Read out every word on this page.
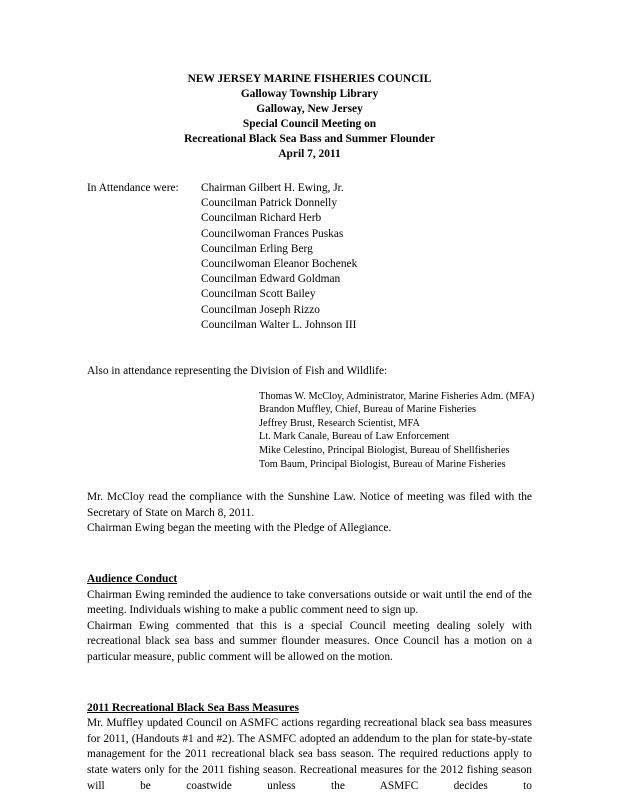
NEW JERSEY MARINE FISHERIES COUNCIL
Galloway Township Library
Galloway, New Jersey
Special Council Meeting on
Recreational Black Sea Bass and Summer Flounder
April 7, 2011
In Attendance were:	Chairman Gilbert H. Ewing, Jr.
Councilman Patrick Donnelly
Councilman Richard Herb
Councilwoman Frances Puskas
Councilman Erling Berg
Councilwoman Eleanor Bochenek
Councilman Edward Goldman
Councilman Scott Bailey
Councilman Joseph Rizzo
Councilman Walter L. Johnson III
Also in attendance representing the Division of Fish and Wildlife:
Thomas W. McCloy, Administrator, Marine Fisheries Adm. (MFA)
Brandon Muffley, Chief, Bureau of Marine Fisheries
Jeffrey Brust, Research Scientist, MFA
Lt. Mark Canale, Bureau of Law Enforcement
Mike Celestino, Principal Biologist, Bureau of Shellfisheries
Tom Baum, Principal Biologist, Bureau of Marine Fisheries

Mr. McCloy read the compliance with the Sunshine Law. Notice of meeting was filed with the Secretary of State on March 8, 2011.

Chairman Ewing began the meeting with the Pledge of Allegiance.

Audience Conduct

Chairman Ewing reminded the audience to take conversations outside or wait until the end of the meeting. Individuals wishing to make a public comment need to sign up.

Chairman Ewing commented that this is a special Council meeting dealing solely with recreational black sea bass and summer flounder measures. Once Council has a motion on a particular measure, public comment will be allowed on the motion.

2011 Recreational Black Sea Bass Measures

Mr. Muffley updated Council on ASMFC actions regarding recreational black sea bass measures for 2011, (Handouts #1 and #2). The ASMFC adopted an addendum to the plan for state-by-state management for the 2011 recreational black sea bass season. The required reductions apply to state waters only for the 2011 fishing season. Recreational measures for the 2012 fishing season will be coastwide unless the ASMFC decides to
